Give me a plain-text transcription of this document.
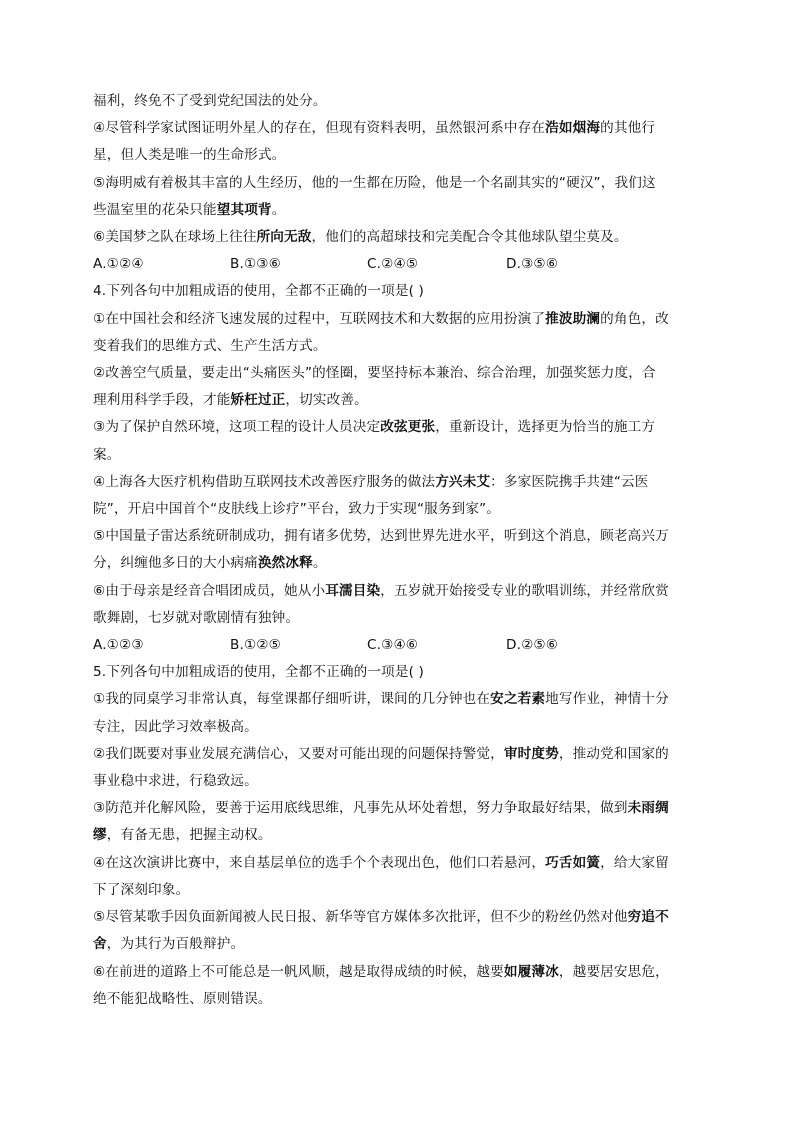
福利，终免不了受到党纪国法的处分。
④尽管科学家试图证明外星人的存在，但现有资料表明，虽然银河系中存在浩如烟海的其他行
星，但人类是唯一的生命形式。
⑤海明威有着极其丰富的人生经历，他的一生都在历险，他是一个名副其实的“硬汉”，我们这
些温室里的花朵只能望其项背。
⑥美国梦之队在球场上往往所向无敌，他们的高超球技和完美配合令其他球队望尘莫及。
A.①②④	B.①③⑥	C.②④⑤	D.③⑤⑥
4.下列各句中加粗成语的使用，全都不正确的一项是( )
①在中国社会和经济飞速发展的过程中，互联网技术和大数据的应用扮演了推波助澜的角色，改
变着我们的思维方式、生产生活方式。
②改善空气质量，要走出“头痛医头”的怪圈，要坚持标本兼治、综合治理，加强奖惩力度，合
理利用科学手段，才能矫枉过正，切实改善。
③为了保护自然环境，这项工程的设计人员决定改弦更张，重新设计，选择更为恰当的施工方
案。
④上海各大医疗机构借助互联网技术改善医疗服务的做法方兴未艾：多家医院携手共建“云医
院”，开启中国首个“皮肤线上诊疗”平台，致力于实现“服务到家”。
⑤中国量子雷达系统研制成功，拥有诸多优势，达到世界先进水平，听到这个消息，顾老高兴万
分，纠缠他多日的大小病痛涣然冰释。
⑥由于母亲是经音合唱团成员，她从小耳濡目染，五岁就开始接受专业的歌唱训练，并经常欣赏
歌舞剧，七岁就对歌剧情有独钟。
A.①②③	B.①②⑤	C.③④⑥	D.②⑤⑥
5.下列各句中加粗成语的使用，全都不正确的一项是( )
①我的同桌学习非常认真，每堂课都仔细听讲，课间的几分钟也在安之若素地写作业，神情十分
专注，因此学习效率极高。
②我们既要对事业发展充满信心，又要对可能出现的问题保持警觉，审时度势，推动党和国家的
事业稳中求进，行稳致远。
③防范并化解风险，要善于运用底线思维，凡事先从坏处着想，努力争取最好结果，做到未雨绸
缪，有备无患，把握主动权。
④在这次演讲比赛中，来自基层单位的选手个个表现出色，他们口若悬河，巧舌如簧，给大家留
下了深刻印象。
⑤尽管某歌手因负面新闻被人民日报、新华等官方媒体多次批评，但不少的粉丝仍然对他穷追不
舍，为其行为百般辩护。
⑥在前进的道路上不可能总是一帆风顺，越是取得成绩的时候，越要如履薄冰，越要居安思危，
绝不能犯战略性、原则错误。
